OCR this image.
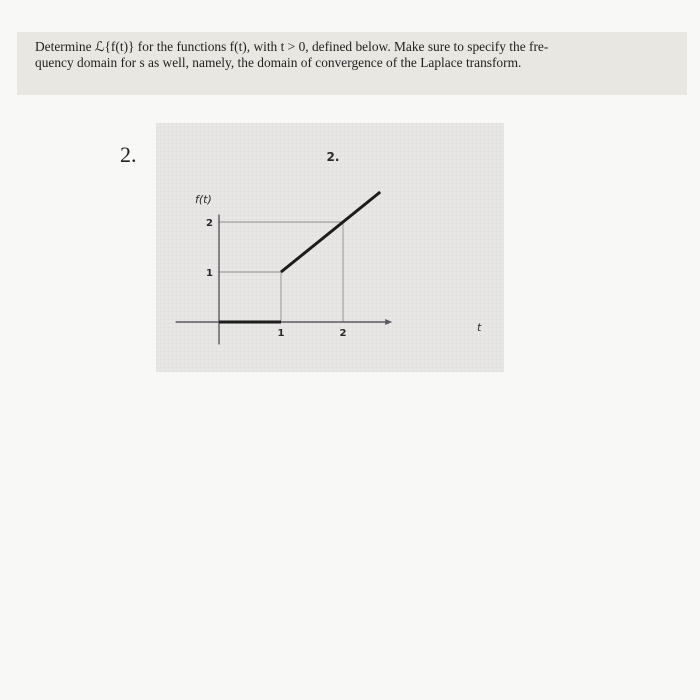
Determine ℒ{f(t)} for the functions f(t), with t > 0, defined below. Make sure to specify the fre-
quency domain for s as well, namely, the domain of convergence of the Laplace transform.

2.	2.
f(t)
t
1	2
1
2
